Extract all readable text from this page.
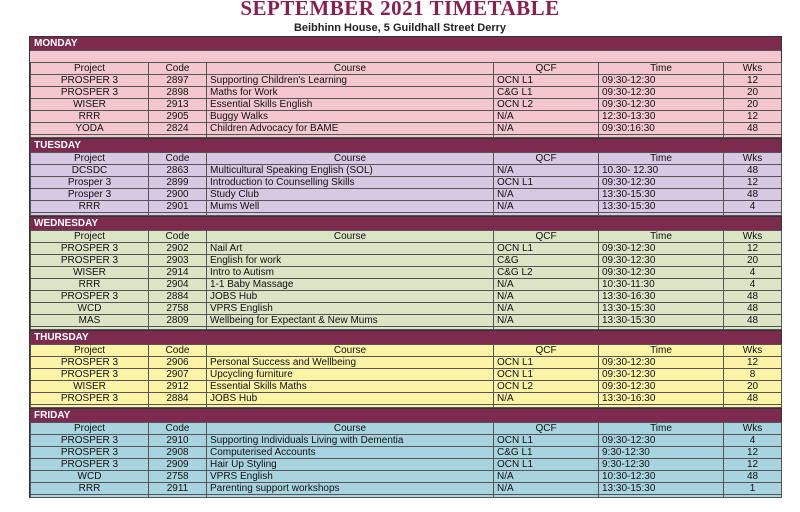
SEPTEMBER 2021 TIMETABLE
Beibhinn House, 5 Guildhall Street Derry
MONDAY
Project	Code	Course	QCF	Time	Wks
PROSPER 3	2897	Supporting Children's Learning	OCN L1	09:30-12:30	12
PROSPER 3	2898	Maths for Work	C&G L1	09:30-12:30	20
WISER	2913	Essential Skills English	OCN L2	09:30-12:30	20
RRR	2905	Buggy Walks	N/A	12:30-13:30	12
YODA	2824	Children Advocacy for BAME	N/A	09:30:16:30	48

TUESDAY
Project	Code	Course	QCF	Time	Wks
DCSDC	2863	Multicultural Speaking English (SOL)	N/A	10.30- 12.30	48
Prosper 3	2899	Introduction to Counselling Skills	OCN L1	09:30-12:30	12
Prosper 3	2900	Study Club	N/A	13:30-15:30	48
RRR	2901	Mums Well	N/A	13:30-15:30	4

WEDNESDAY
Project	Code	Course	QCF	Time	Wks
PROSPER 3	2902	Nail Art	OCN L1	09:30-12:30	12
PROSPER 3	2903	English for work	C&G	09:30-12:30	20
WISER	2914	Intro to Autism	C&G L2	09:30-12:30	4
RRR	2904	1-1 Baby Massage	N/A	10:30-11:30	4
PROSPER 3	2884	JOBS Hub	N/A	13:30-16:30	48
WCD	2758	VPRS English	N/A	13:30-15:30	48
MAS	2809	Wellbeing for Expectant & New Mums	N/A	13:30-15:30	48

THURSDAY
Project	Code	Course	QCF	Time	Wks
PROSPER 3	2906	Personal Success and Wellbeing	OCN L1	09:30-12:30	12
PROSPER 3	2907	Upcycling furniture	OCN L1	09:30-12:30	8
WISER	2912	Essential Skills Maths	OCN L2	09:30-12:30	20
PROSPER 3	2884	JOBS Hub	N/A	13:30-16:30	48

FRIDAY
Project	Code	Course	QCF	Time	Wks
PROSPER 3	2910	Supporting Individuals Living with Dementia	OCN L1	09:30-12:30	4
PROSPER 3	2908	Computerised Accounts	C&G L1	9:30-12:30	12
PROSPER 3	2909	Hair Up Styling	OCN L1	9:30-12:30	12
WCD	2758	VPRS English	N/A	10:30-12:30	48
RRR	2911	Parenting support workshops	N/A	13:30-15:30	1
